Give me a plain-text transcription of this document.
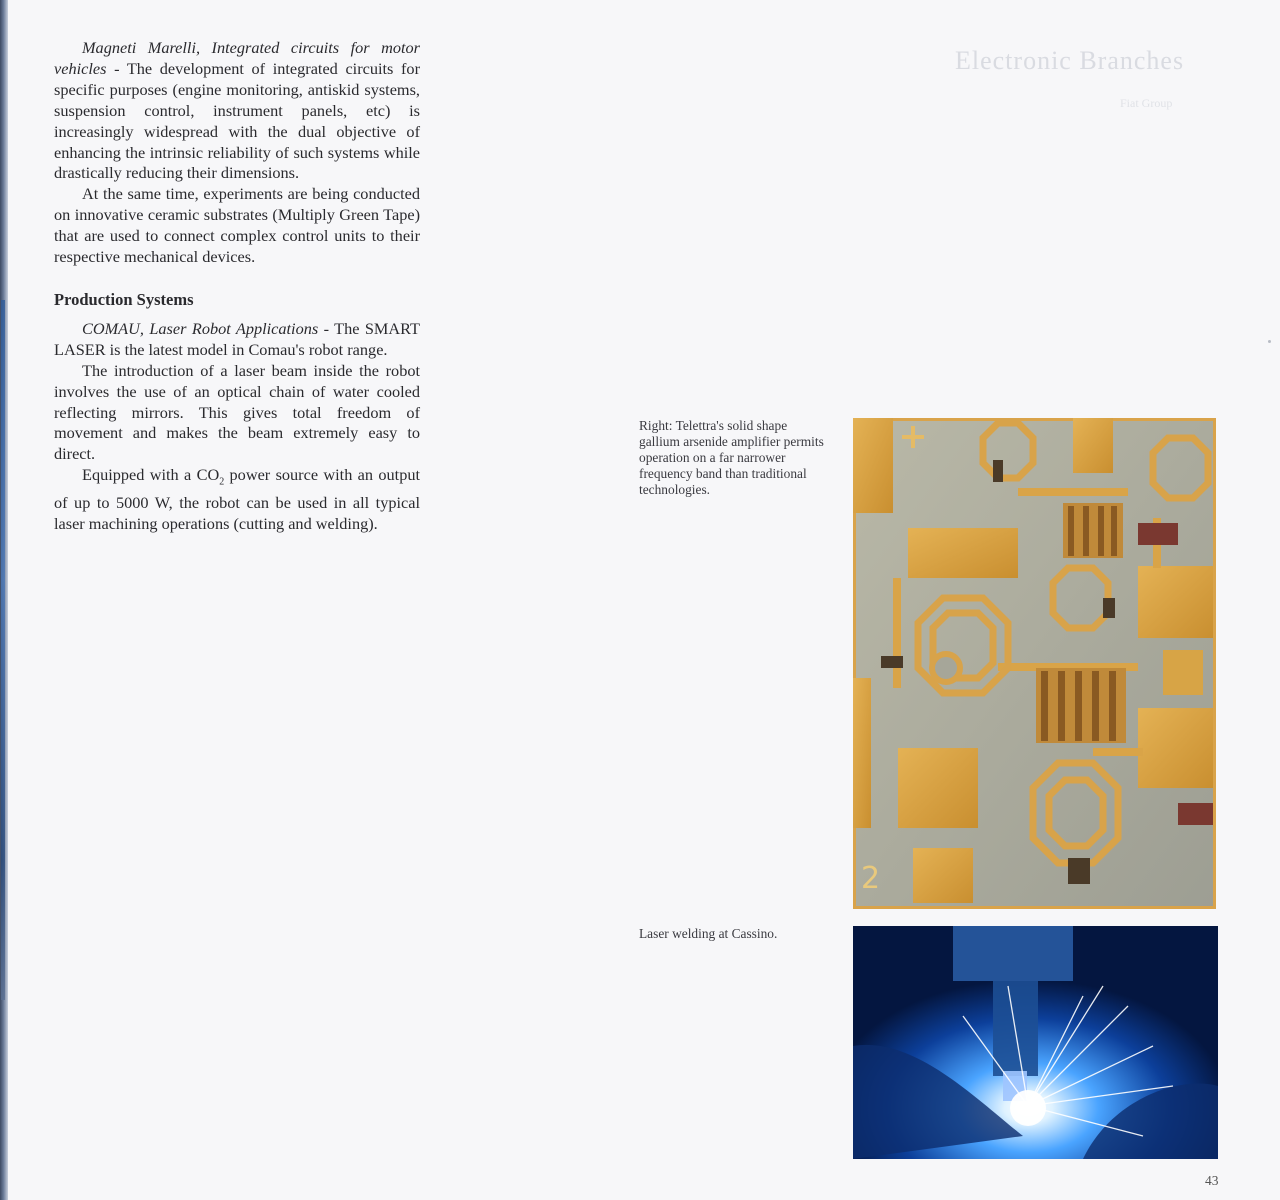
Electronic Branches
Fiat Group

Magneti Marelli, Integrated circuits for motor vehicles - The development of integrated circuits for specific purposes (engine monitoring, antiskid systems, suspension control, instrument panels, etc) is increasingly widespread with the dual objective of enhancing the intrinsic reliability of such systems while drastically reducing their dimensions.

At the same time, experiments are being conducted on innovative ceramic substrates (Multiply Green Tape) that are used to connect complex control units to their respective mechanical devices.

Production Systems

COMAU, Laser Robot Applications - The SMART LASER is the latest model in Comau's robot range.

The introduction of a laser beam inside the robot involves the use of an optical chain of water cooled reflecting mirrors. This gives total freedom of movement and makes the beam extremely easy to direct.

Equipped with a $CO_2$ power source with an output of up to 5000 W, the robot can be used in all typical laser machining operations (cutting and welding).

Right: Telettra's solid shape gallium arsenide amplifier permits operation on a far narrower frequency band than traditional technologies.
2
Laser welding at Cassino.
43
